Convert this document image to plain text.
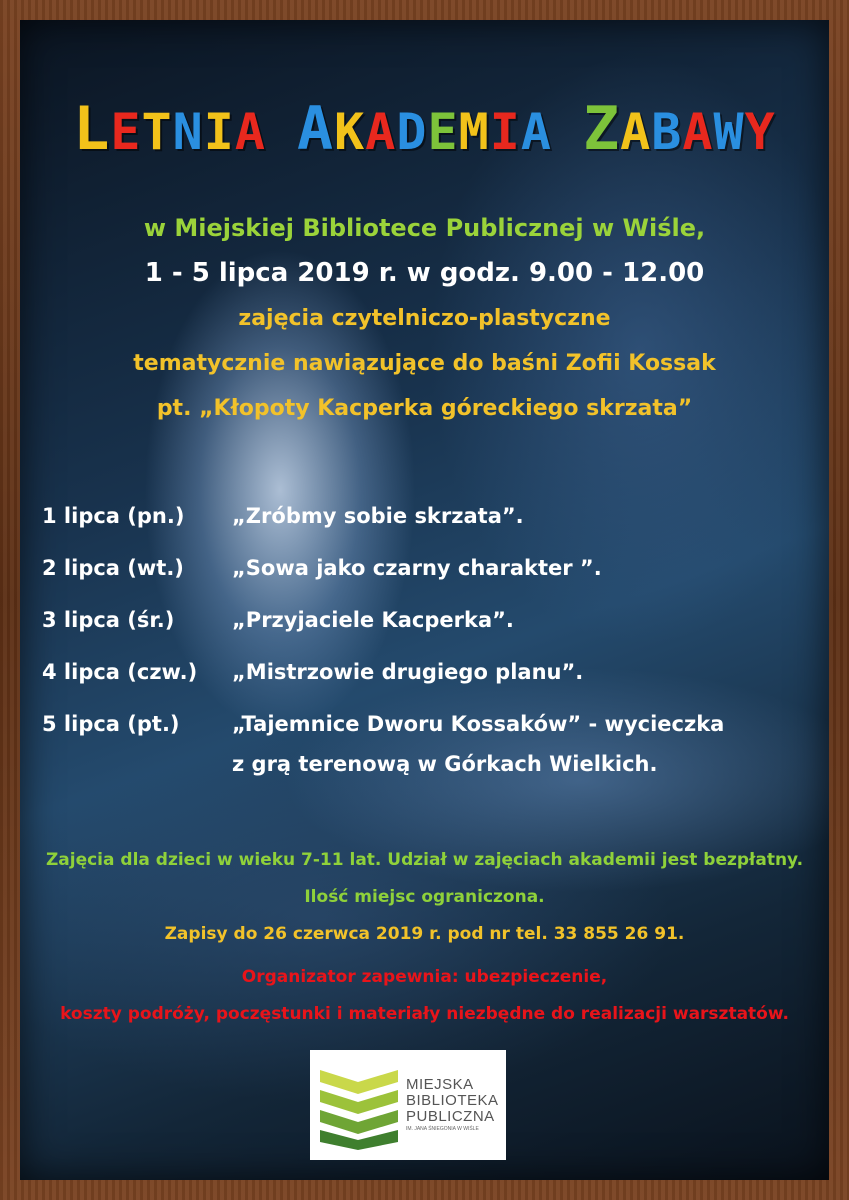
LETNIA AKADEMIA ZABAWY
w Miejskiej Bibliotece Publicznej w Wiśle,
1 - 5 lipca 2019 r. w godz. 9.00 - 12.00
zajęcia czytelniczo-plastyczne
tematycznie nawiązujące do baśni Zofii Kossak
pt. „Kłopoty Kacperka góreckiego skrzata”
1 lipca (pn.) „Zróbmy sobie skrzata”.
2 lipca (wt.) „Sowa jako czarny charakter ”.
3 lipca (śr.)	„Przyjaciele Kacperka”.
4 lipca (czw.) „Mistrzowie drugiego planu”.
5 lipca (pt.) „Tajemnice Dworu Kossaków” - wycieczka
z grą terenową w Górkach Wielkich.
Zajęcia dla dzieci w wieku 7-11 lat. Udział w zajęciach akademii jest bezpłatny.
Ilość miejsc ograniczona.
Zapisy do 26 czerwca 2019 r. pod nr tel. 33 855 26 91.
Organizator zapewnia: ubezpieczenie,
koszty podróży, poczęstunki i materiały niezbędne do realizacji warsztatów.
MIEJSKA
BIBLIOTEKA
PUBLICZNA
IM. JANA ŚNIEGONIA W WIŚLE
